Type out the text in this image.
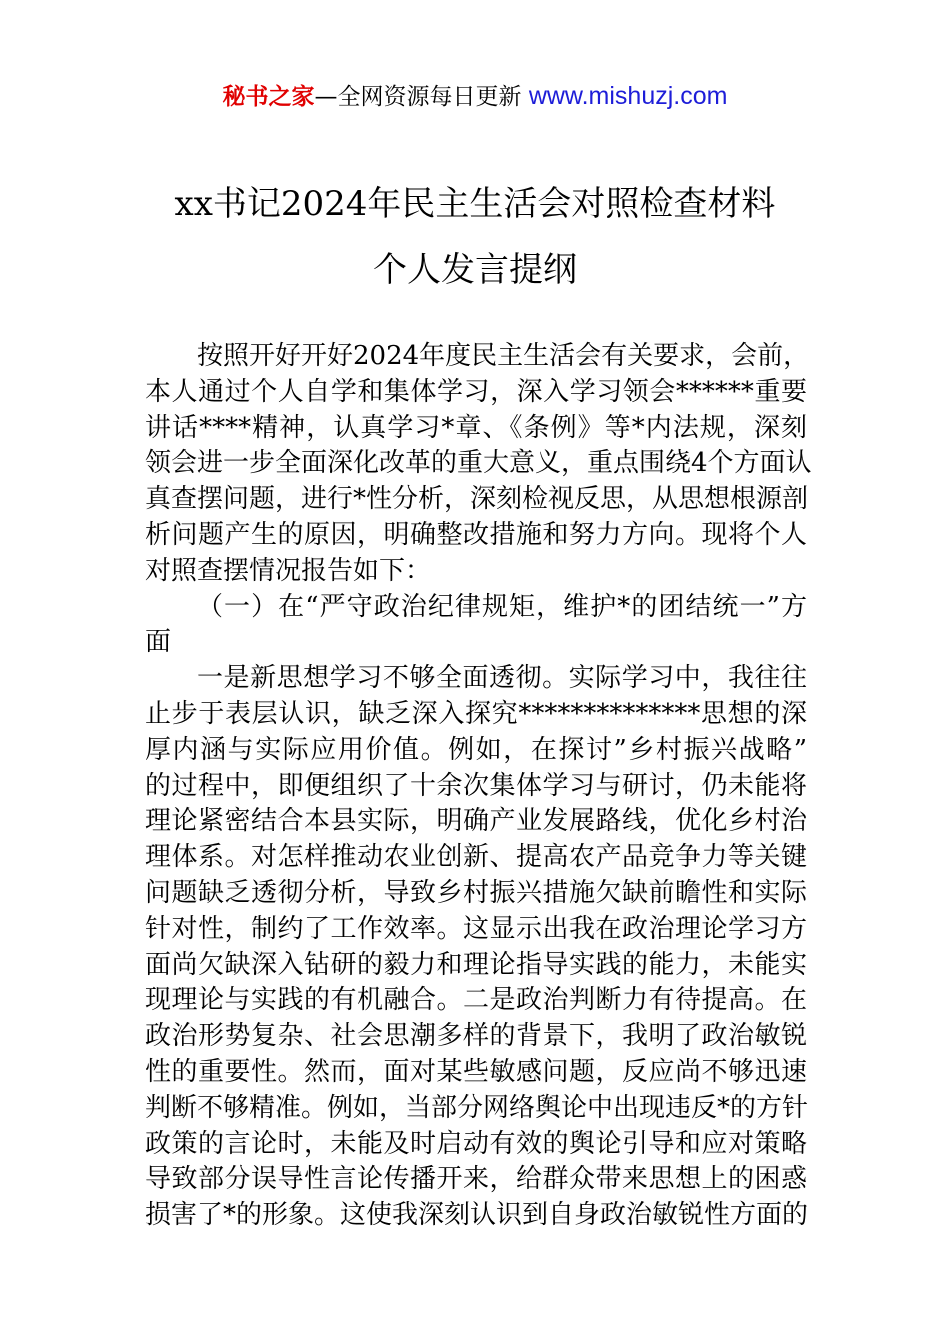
秘书之家—全网资源每日更新 www.mishuzj.com
xx书记2024年民主生活会对照检查材料
个人发言提纲
按照开好开好2024年度民主生活会有关要求，会前，
本人通过个人自学和集体学习，深入学习领会******重要
讲话****精神，认真学习*章、《条例》等*内法规，深刻
领会进一步全面深化改革的重大意义，重点围绕4个方面认
真查摆问题，进行*性分析，深刻检视反思，从思想根源剖
析问题产生的原因，明确整改措施和努力方向。现将个人
对照查摆情况报告如下：
（一）在“严守政治纪律规矩，维护*的团结统一”方
面
一是新思想学习不够全面透彻。实际学习中，我往往
止步于表层认识，缺乏深入探究**************思想的深
厚内涵与实际应用价值。例如，在探讨”乡村振兴战略”
的过程中，即便组织了十余次集体学习与研讨，仍未能将
理论紧密结合本县实际，明确产业发展路线，优化乡村治
理体系。对怎样推动农业创新、提高农产品竞争力等关键
问题缺乏透彻分析，导致乡村振兴措施欠缺前瞻性和实际
针对性，制约了工作效率。这显示出我在政治理论学习方
面尚欠缺深入钻研的毅力和理论指导实践的能力，未能实
现理论与实践的有机融合。二是政治判断力有待提高。在
政治形势复杂、社会思潮多样的背景下，我明了政治敏锐
性的重要性。然而，面对某些敏感问题，反应尚不够迅速
判断不够精准。例如，当部分网络舆论中出现违反*的方针
政策的言论时，未能及时启动有效的舆论引导和应对策略
导致部分误导性言论传播开来，给群众带来思想上的困惑
损害了*的形象。这使我深刻认识到自身政治敏锐性方面的
